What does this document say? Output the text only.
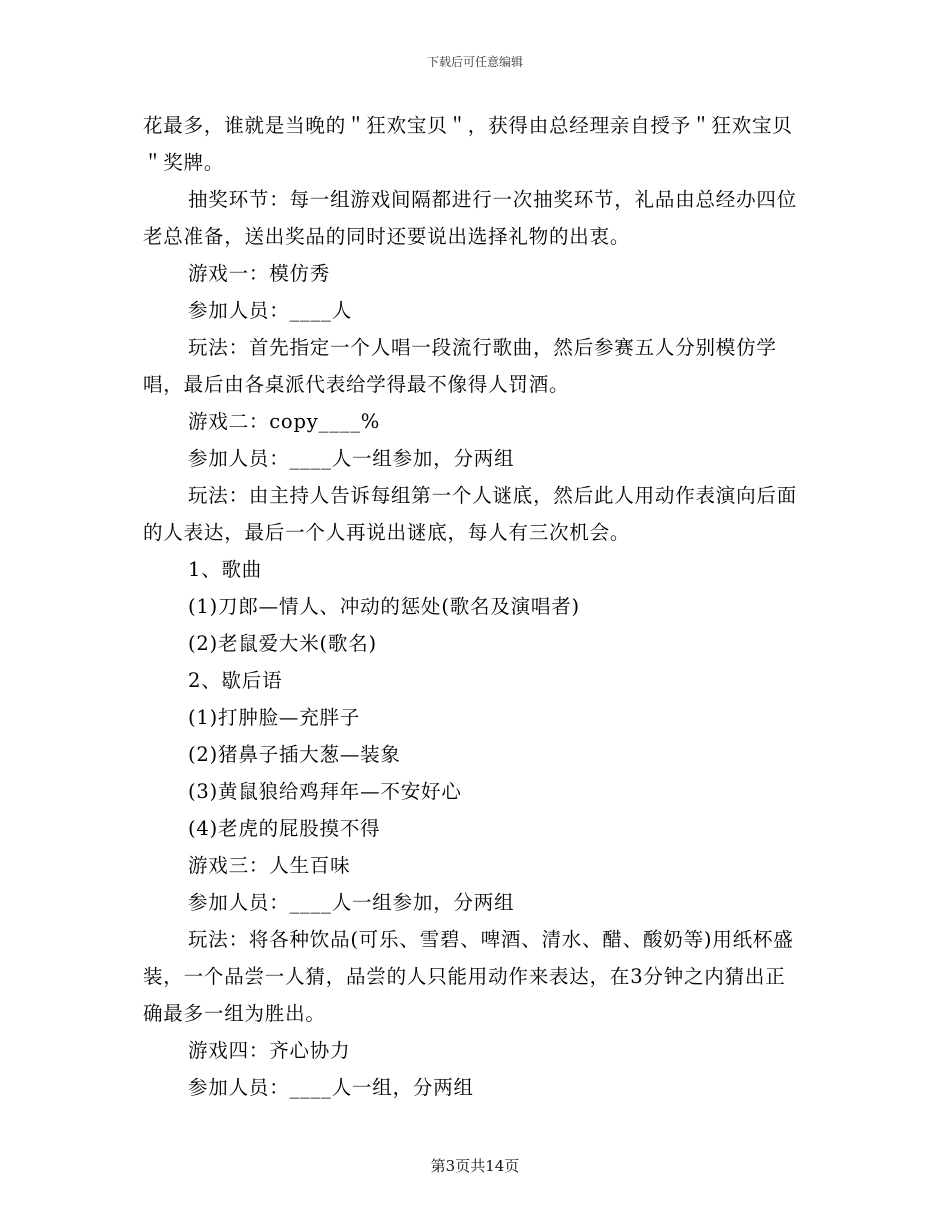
下载后可任意编辑

花最多，谁就是当晚的＂狂欢宝贝＂，获得由总经理亲自授予＂狂欢宝贝＂奖牌。

抽奖环节：每一组游戏间隔都进行一次抽奖环节，礼品由总经办四位老总准备，送出奖品的同时还要说出选择礼物的出衷。

游戏一：模仿秀

参加人员：____人

玩法：首先指定一个人唱一段流行歌曲，然后参赛五人分别模仿学唱，最后由各桌派代表给学得最不像得人罚酒。

游戏二：copy____%

参加人员：____人一组参加，分两组

玩法：由主持人告诉每组第一个人谜底，然后此人用动作表演向后面的人表达，最后一个人再说出谜底，每人有三次机会。

1、歌曲

(1)刀郎—情人、冲动的惩处(歌名及演唱者)

(2)老鼠爱大米(歌名)

2、歇后语

(1)打肿脸—充胖子

(2)猪鼻子插大葱—装象

(3)黄鼠狼给鸡拜年—不安好心

(4)老虎的屁股摸不得

游戏三：人生百味

参加人员：____人一组参加，分两组

玩法：将各种饮品(可乐、雪碧、啤酒、清水、醋、酸奶等)用纸杯盛装，一个品尝一人猜，品尝的人只能用动作来表达，在3分钟之内猜出正确最多一组为胜出。

游戏四：齐心协力

参加人员：____人一组，分两组

第3页共14页
